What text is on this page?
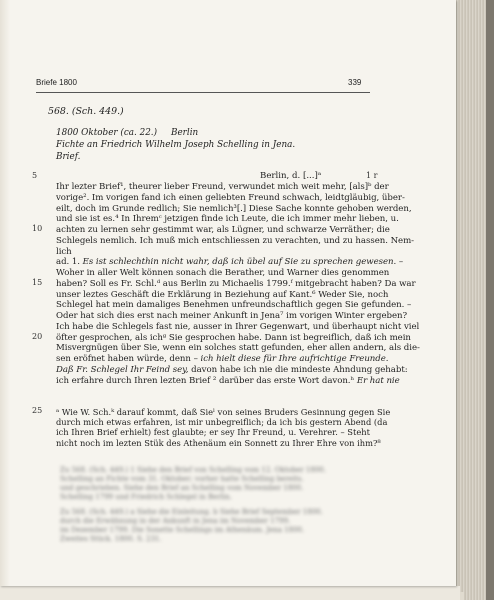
Briefe 1800	339
568. (Sch. 449.)
1800 Oktober (ca. 22.) Berlin
Fichte an Friedrich Wilhelm Joseph Schelling in Jena.
Brief.
5	Berlin, d. [...]ᵃ	1 r
Ihr lezter Brief¹, theurer lieber Freund, verwundet mich weit mehr, [als]ᵇ der
vorige². Im vorigen fand ich einen geliebten Freund schwach, leidtgläubig, über-
eilt, doch im Grunde redlich; Sie nemlich³[.] Diese Sache konnte gehoben werden,
und sie ist es.⁴ In Ihremᶜ jetzigen finde ich Leute, die ich immer mehr lieben, u.
achten zu lernen sehr gestimmt war, als Lügner, und schwarze Verräther; die
Schlegels nemlich. Ich muß mich entschliessen zu verachten, und zu hassen. Nem-
lich
ad. 1. Es ist schlechthin nicht wahr, daß ich übel auf Sie zu sprechen gewesen. –
Woher in aller Welt können sonach die Berather, und Warner dies genommen
haben? Soll es Fr. Schl.ᵈ aus Berlin zu Michaelis 1799.ᶠ mitgebracht haben? Da war
unser leztes Geschäft die Erklärung in Beziehung auf Kant.⁶ Weder Sie, noch
Schlegel hat mein damaliges Benehmen unfreundschaftlich gegen Sie gefunden. –
Oder hat sich dies erst nach meiner Ankunft in Jena⁷ im vorigen Winter ergeben?
Ich habe die Schlegels fast nie, ausser in Ihrer Gegenwart, und überhaupt nicht viel
öfter gesprochen, als ichᵍ Sie gesprochen habe. Dann ist begreiflich, daß ich mein
Misvergnügen über Sie, wenn ein solches statt gefunden, eher allen andern, als die-
sen eröfnet haben würde, denn – ich hielt diese für Ihre aufrichtige Freunde.
Daß Fr. Schlegel Ihr Feind sey, davon habe ich nie die mindeste Ahndung gehabt:
ich erfahre durch Ihren lezten Brief ² darüber das erste Wort davon.ʰ Er hat nie
10
15
20
25 ᵃ Wie W. Sch.ᵏ darauf kommt, daß Sieˡ von seines Bruders Gesinnung gegen Sie
durch mich etwas erfahren, ist mir unbegreiflich; da ich bis gestern Abend (da
ich Ihren Brief erhielt) fest glaubte; er sey Ihr Freund, u. Verehrer. – Steht
nicht noch im lezten Stük des Athenäum ein Sonnett zu Ihrer Ehre von ihm?⁸
Zu 568. (Sch. 449.) 1 Siehe den Brief von Schelling vom 12. Oktober 1800.
Schelling an Fichte vom 31. Oktober; vorher hatte Schelling bereits.
und geschrieben. Siehe den Brief an Schelling vom November 1800.
Schelling 1799 und Friedrich Schlegel in Berlin.
Zu 568. (Sch. 449.) a Siehe die Einleitung. b Siehe Brief September 1800.
durch die Erwähnung in der Ankunft in Jena im November 1799.
im Dezember 1799. Die Sonette Schellings im Athenäum. Jena 1800.
Zweites Stück. 1800. S. 231.
